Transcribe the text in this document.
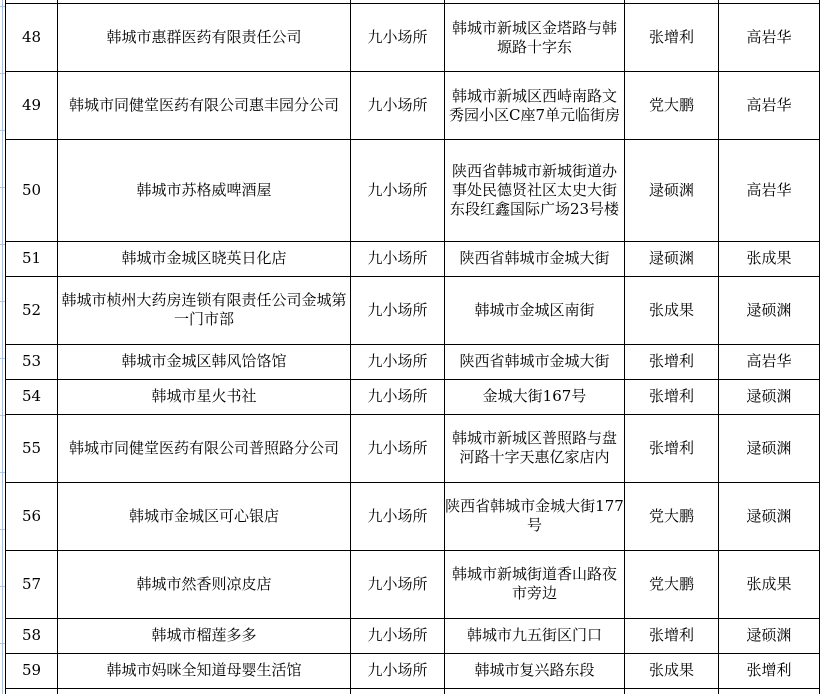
48	韩城市惠群医药有限责任公司	九小场所	韩城市新城区金塔路与韩塬路十字东	张增利	高岩华
49	韩城市同健堂医药有限公司惠丰园分公司	九小场所	韩城市新城区西峙南路文秀园小区C座7单元临街房	党大鹏	高岩华
50	韩城市苏格威啤酒屋	九小场所	陕西省韩城市新城街道办事处民德贤社区太史大街东段红鑫国际广场23号楼	逯硕渊	高岩华
51	韩城市金城区晓英日化店	九小场所	陕西省韩城市金城大街	逯硕渊	张成果
52	韩城市桢州大药房连锁有限责任公司金城第一门市部	九小场所	韩城市金城区南街	张成果	逯硕渊
53	韩城市金城区韩风饸饹馆	九小场所	陕西省韩城市金城大街	张增利	高岩华
54	韩城市星火书社	九小场所	金城大街167号	张增利	逯硕渊
55	韩城市同健堂医药有限公司普照路分公司	九小场所	韩城市新城区普照路与盘河路十字天惠亿家店内	张增利	逯硕渊
56	韩城市金城区可心银店	九小场所	陕西省韩城市金城大街177号	党大鹏	逯硕渊
57	韩城市然香则凉皮店	九小场所	韩城市新城街道香山路夜市旁边	党大鹏	张成果
58	韩城市榴莲多多	九小场所	韩城市九五街区门口	张增利	逯硕渊
59	韩城市妈咪全知道母婴生活馆	九小场所	韩城市复兴路东段	张成果	张增利
